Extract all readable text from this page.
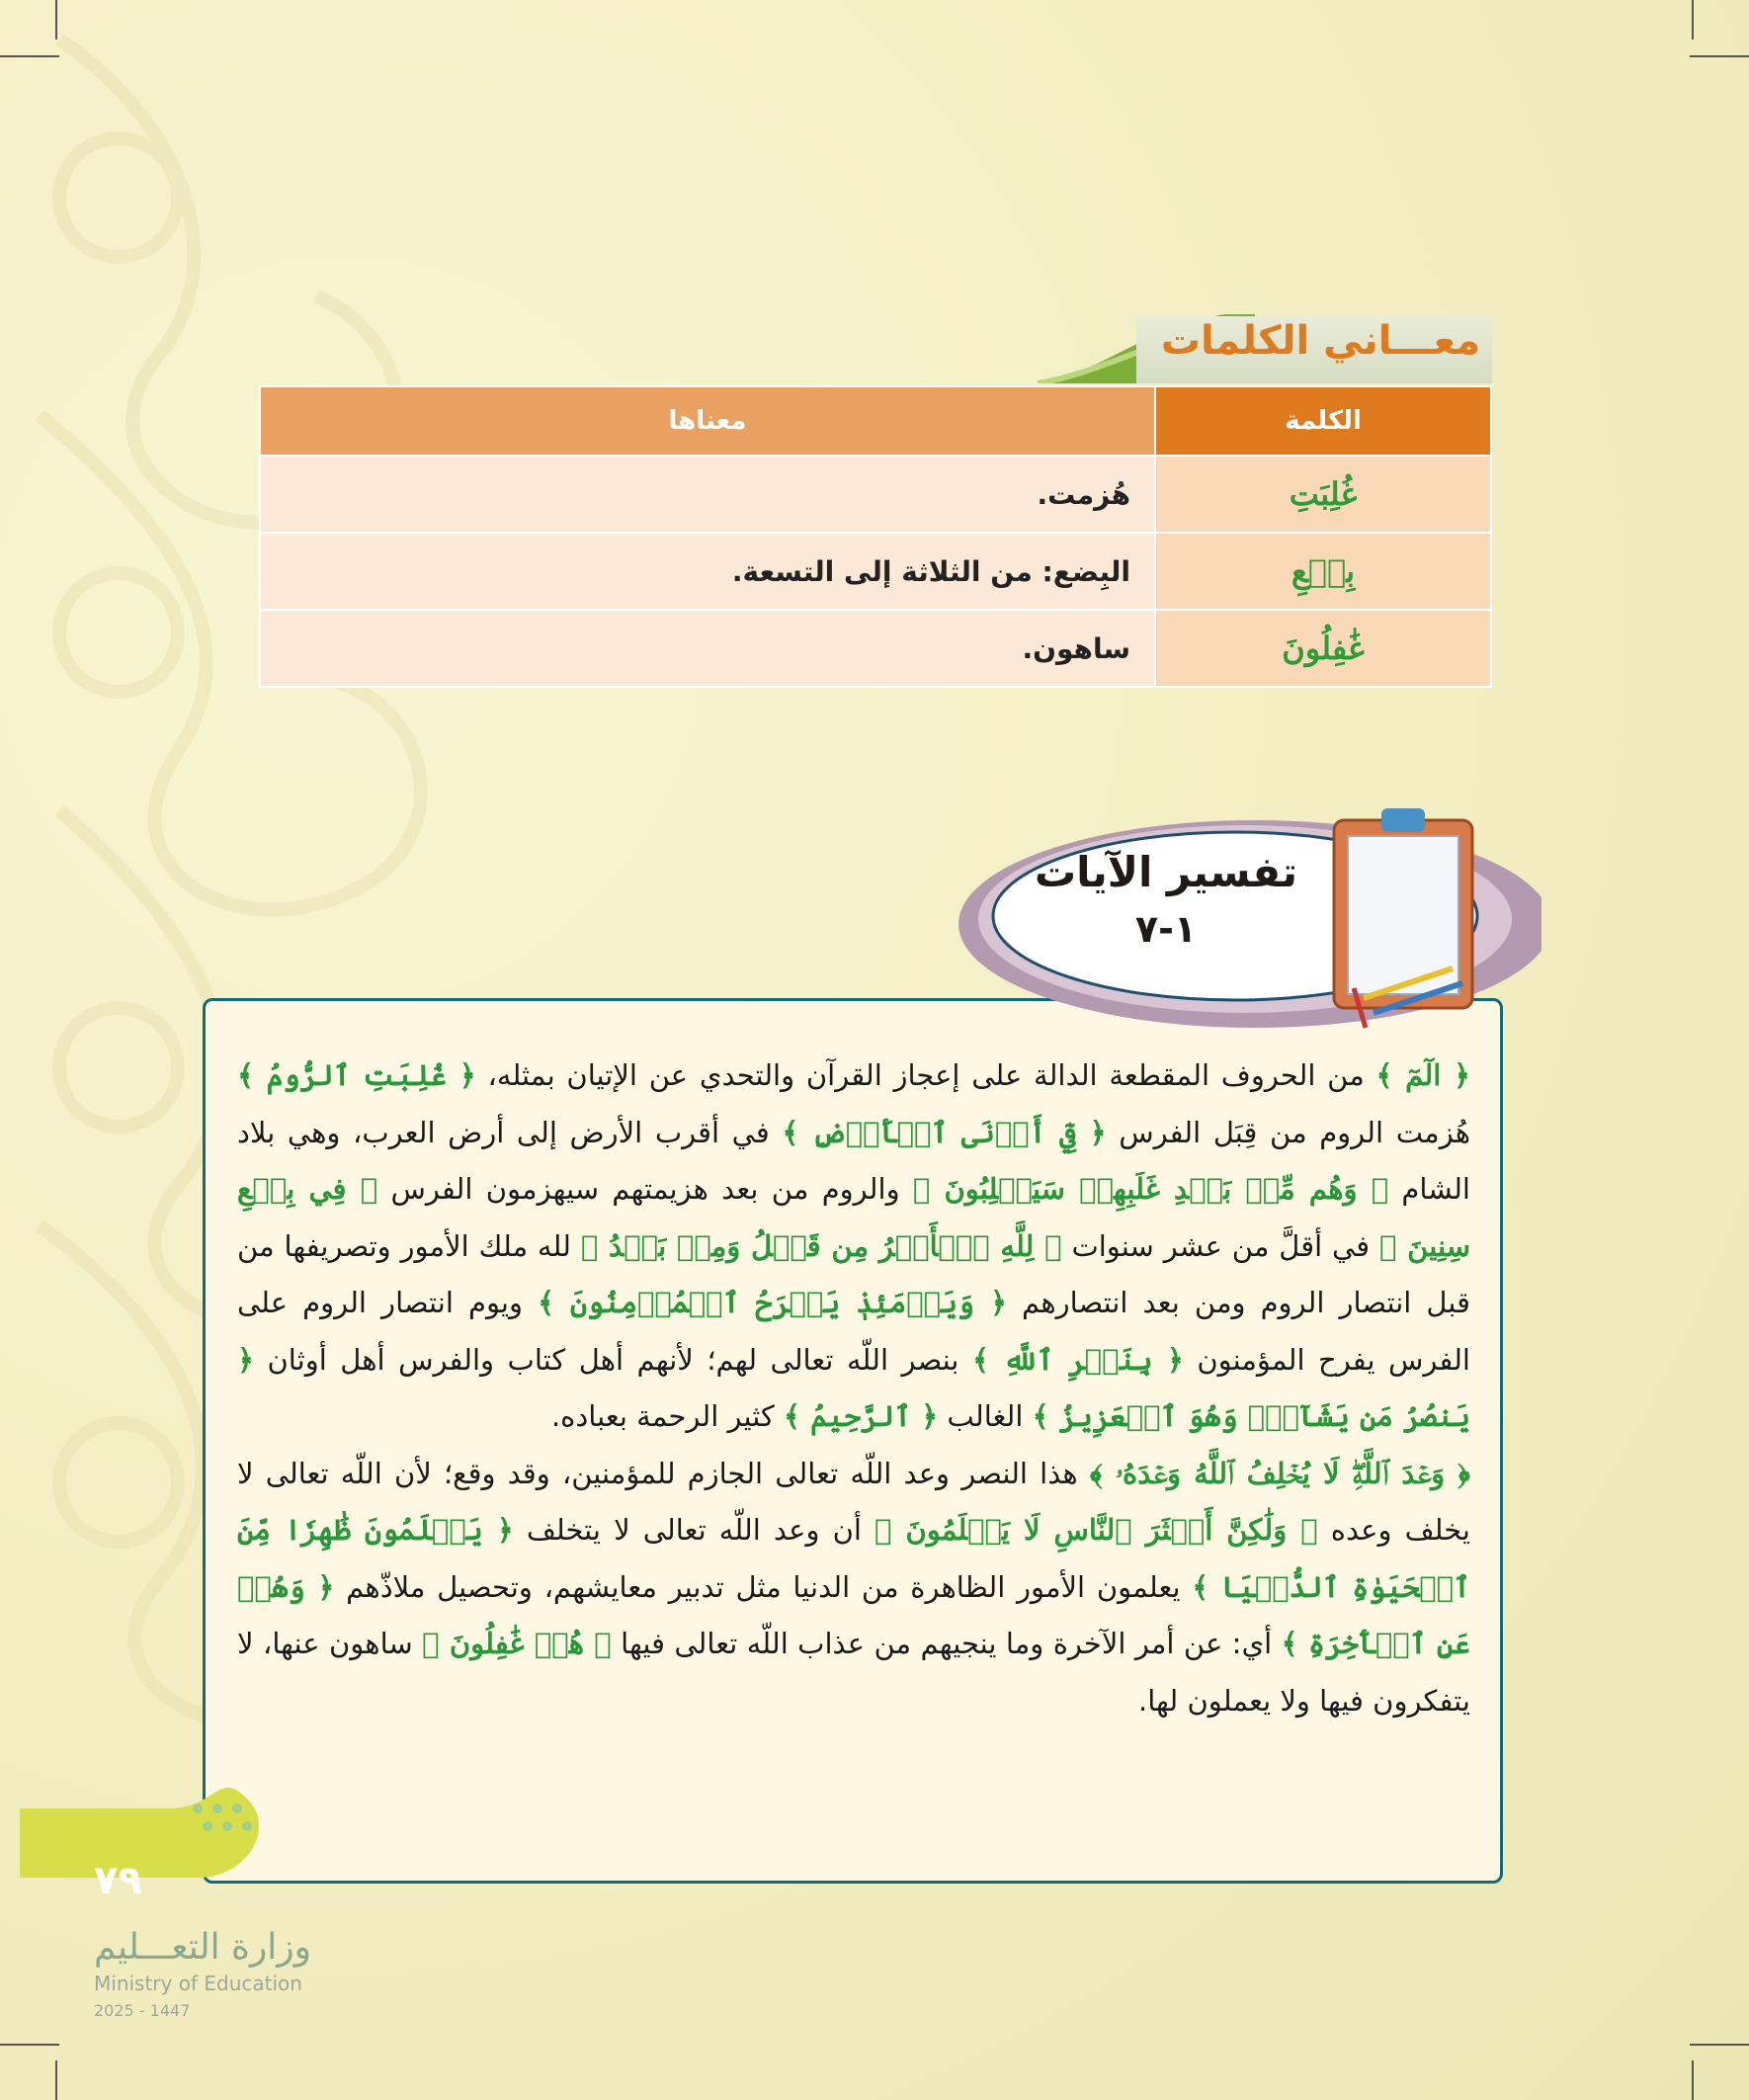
معـــاني الكلمات
الكلمة	معناها
غُلِبَتِ	هُزمت.
بِضۡعِ	البِضع: من الثلاثة إلى التسعة.
غَٰفِلُونَ	ساهون.
تفسير الآيات
١-٧

﴿ الٓمٓ ﴾ من الحروف المقطعة الدالة على إعجاز القرآن والتحدي عن الإتيان بمثله، ﴿ غُلِبَتِ ٱلرُّومُ ﴾ هُزمت الروم من قِبَل الفرس ﴿ فِيٓ أَدۡنَى ٱلۡأَرۡضِ ﴾ في أقرب الأرض إلى أرض العرب، وهي بلاد الشام ﴿ وَهُم مِّنۢ بَعۡدِ غَلَبِهِمۡ سَيَغۡلِبُونَ ﴾ والروم من بعد هزيمتهم سيهزمون الفرس ﴿ فِي بِضۡعِ سِنِينَ ﴾ في أقلَّ من عشر سنوات ﴿ لِلَّهِ ٱلۡأَمۡرُ مِن قَبۡلُ وَمِنۢ بَعۡدُ ﴾ لله ملك الأمور وتصريفها من قبل انتصار الروم ومن بعد انتصارهم ﴿ وَيَوۡمَئِذٖ يَفۡرَحُ ٱلۡمُؤۡمِنُونَ ﴾ ويوم انتصار الروم على الفرس يفرح المؤمنون ﴿ بِنَصۡرِ ٱللَّهِ ﴾ بنصر اللّه تعالى لهم؛ لأنهم أهل كتاب والفرس أهل أوثان ﴿ يَنصُرُ مَن يَشَآءُۖ وَهُوَ ٱلۡعَزِيزُ ﴾ الغالب ﴿ ٱلرَّحِيمُ ﴾ كثير الرحمة بعباده.

﴿ وَعۡدَ ٱللَّهِۖ لَا يُخۡلِفُ ٱللَّهُ وَعۡدَهُۥ ﴾ هذا النصر وعد اللّه تعالى الجازم للمؤمنين، وقد وقع؛ لأن اللّه تعالى لا يخلف وعده ﴿ وَلَٰكِنَّ أَكۡثَرَ ٱلنَّاسِ لَا يَعۡلَمُونَ ﴾ أن وعد اللّه تعالى لا يتخلف ﴿ يَعۡلَمُونَ ظَٰهِرٗا مِّنَ ٱلۡحَيَوٰةِ ٱلدُّنۡيَا ﴾ يعلمون الأمور الظاهرة من الدنيا مثل تدبير معايشهم، وتحصيل ملاذّهم ﴿ وَهُمۡ عَنِ ٱلۡأٓخِرَةِ ﴾ أي: عن أمر الآخرة وما ينجيهم من عذاب اللّه تعالى فيها ﴿ هُمۡ غَٰفِلُونَ ﴾ ساهون عنها، لا يتفكرون فيها ولا يعملون لها.

٧٩
وزارة التعـــليم
Ministry of Education
2025 - 1447
